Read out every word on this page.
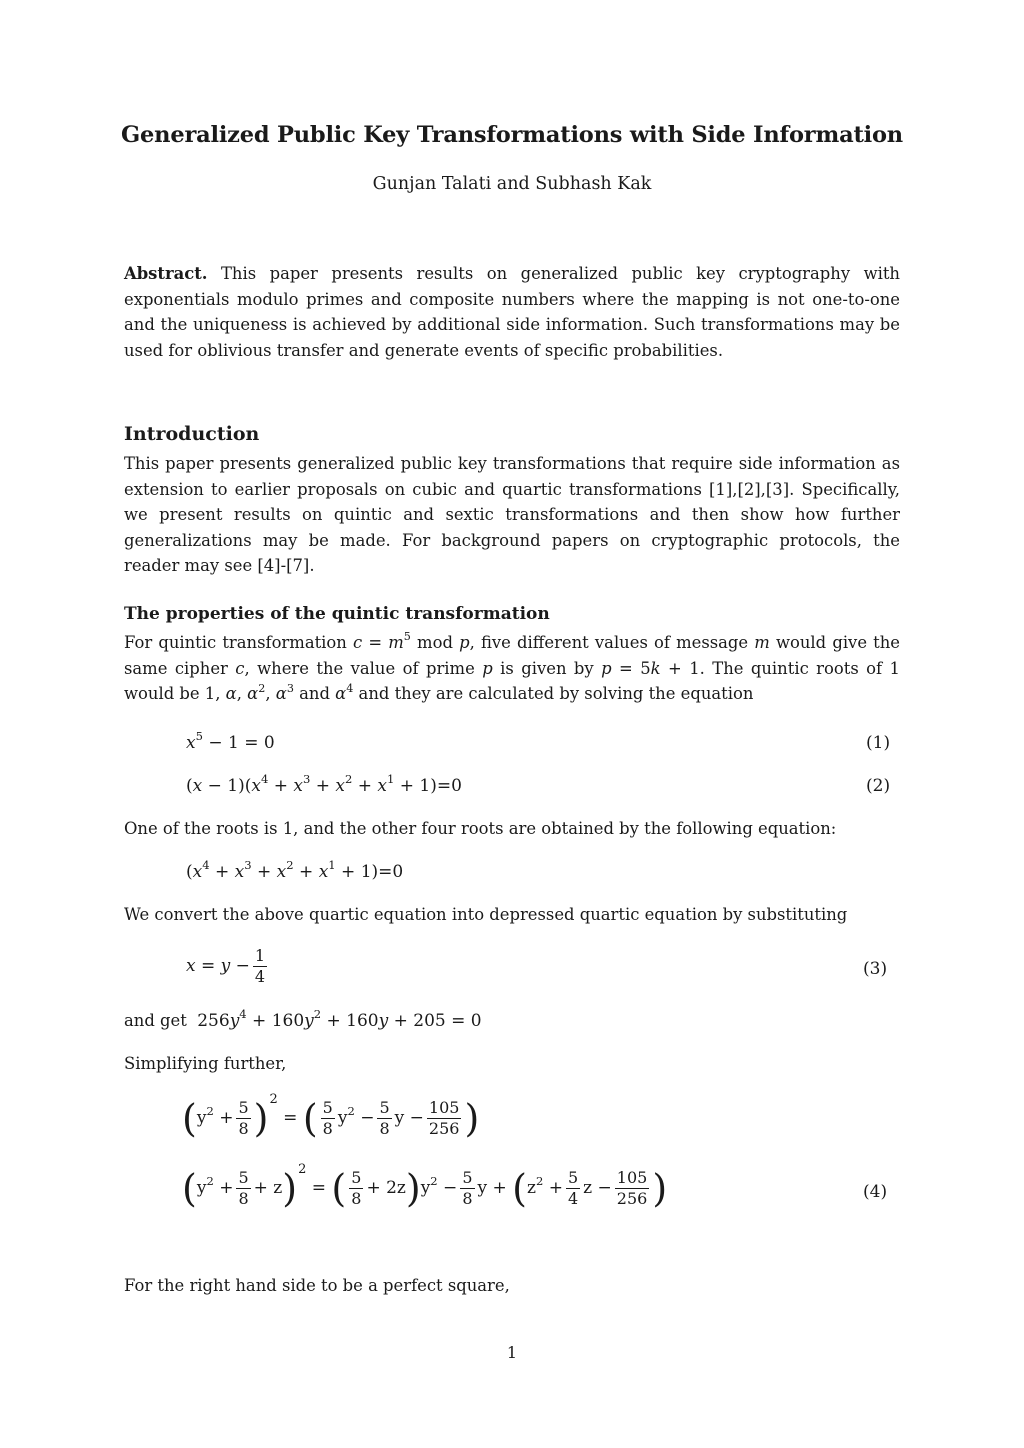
Generalized Public Key Transformations with Side Information
Gunjan Talati and Subhash Kak
Abstract. This paper presents results on generalized public key cryptography with exponentials modulo primes and composite numbers where the mapping is not one-to-one and the uniqueness is achieved by additional side information. Such transformations may be used for oblivious transfer and generate events of specific probabilities.
Introduction
This paper presents generalized public key transformations that require side information as extension to earlier proposals on cubic and quartic transformations [1],[2],[3]. Specifically, we present results on quintic and sextic transformations and then show how further generalizations may be made. For background papers on cryptographic protocols, the reader may see [4]-[7].
The properties of the quintic transformation
For quintic transformation $c = m^5$ mod p, five different values of message m would give the same cipher c, where the value of prime p is given by p = 5k + 1. The quintic roots of 1 would be 1, α, $\alpha^2$, $\alpha^3$ and $\alpha^4$ and they are calculated by solving the equation
$x^5 - 1 = 0$	(1)
$(x - 1)(x^4 + x^3 + x^2 + x^1 + 1)=0$	(2)
One of the roots is 1, and the other four roots are obtained by the following equation:
$(x^4 + x^3 + x^2 + x^1 + 1)=0$
We convert the above quartic equation into depressed quartic equation by substituting
$x = y - \frac{1}{4}$	(3)
and get $256y^4 + 160y^2 + 160y + 205 = 0$
Simplifying further,
$(y^2 + \frac{5}{8} )^2$ = ( $\frac{5}{8} y^2 - \frac{5}{8}$ $y - \frac{105}{256}$ )
$(y^2 + \frac{5}{8} + z)^2$ = ( $\frac{5}{8} + 2z)y^2 - \frac{5}{8}$ $y + (z^2 + \frac{5}{4}$ $z - \frac{105}{256}$ )	(4)
For the right hand side to be a perfect square,
1
